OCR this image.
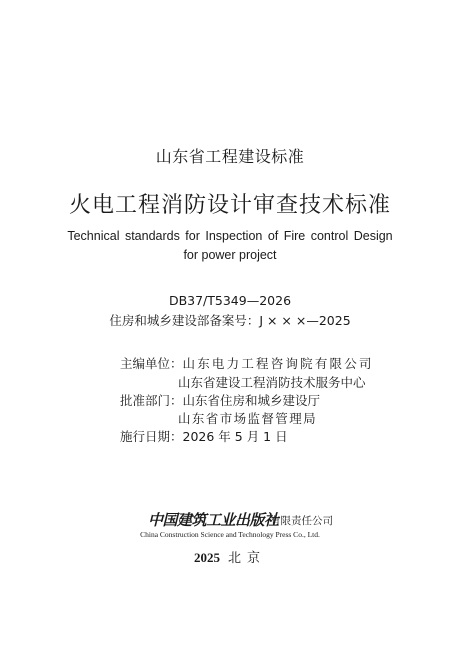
山东省工程建设标准
火电工程消防设计审查技术标准
Technical standards for Inspection of Fire control Design
for power project
DB37/T5349—2026
住房和城乡建设部备案号：J × × ×—2025
主编单位：山东电力工程咨询院有限公司
山东省建设工程消防技术服务中心
批准部门：山东省住房和城乡建设厅
山东省市场监督管理局
施行日期：2026 年 5 月 1 日
中国建筑工业出版社
有限责任公司
China Construction Science and Technology Press Co., Ltd.
2025 北京
